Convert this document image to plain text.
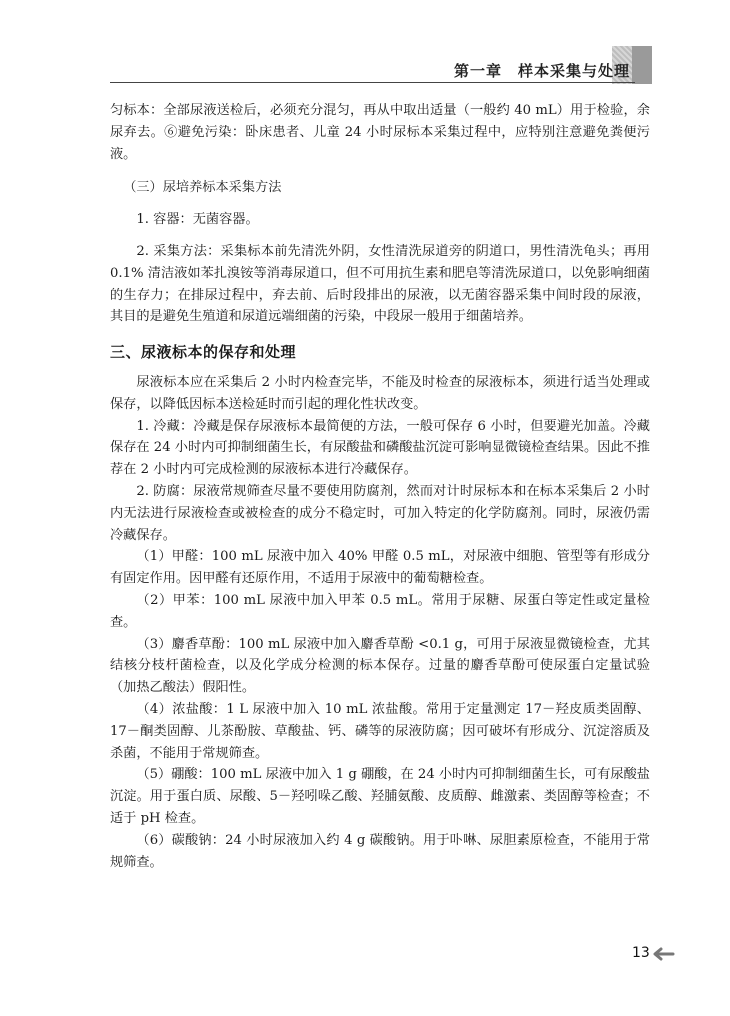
第一章　样本采集与处理

匀标本：全部尿液送检后，必须充分混匀，再从中取出适量（一般约 40 mL）用于检验，余尿弃去。⑥避免污染：卧床患者、儿童 24 小时尿标本采集过程中，应特别注意避免粪便污液。

（三）尿培养标本采集方法

1. 容器：无菌容器。

2. 采集方法：采集标本前先清洗外阴，女性清洗尿道旁的阴道口，男性清洗龟头；再用 0.1% 清洁液如苯扎溴铵等消毒尿道口，但不可用抗生素和肥皂等清洗尿道口，以免影响细菌的生存力；在排尿过程中，弃去前、后时段排出的尿液，以无菌容器采集中间时段的尿液，其目的是避免生殖道和尿道远端细菌的污染，中段尿一般用于细菌培养。

三、尿液标本的保存和处理

尿液标本应在采集后 2 小时内检查完毕，不能及时检查的尿液标本，须进行适当处理或保存，以降低因标本送检延时而引起的理化性状改变。

1. 冷藏：冷藏是保存尿液标本最简便的方法，一般可保存 6 小时，但要避光加盖。冷藏保存在 24 小时内可抑制细菌生长，有尿酸盐和磷酸盐沉淀可影响显微镜检查结果。因此不推荐在 2 小时内可完成检测的尿液标本进行冷藏保存。

2. 防腐：尿液常规筛查尽量不要使用防腐剂，然而对计时尿标本和在标本采集后 2 小时内无法进行尿液检查或被检查的成分不稳定时，可加入特定的化学防腐剂。同时，尿液仍需冷藏保存。

（1）甲醛：100 mL 尿液中加入 40% 甲醛 0.5 mL，对尿液中细胞、管型等有形成分有固定作用。因甲醛有还原作用，不适用于尿液中的葡萄糖检查。

（2）甲苯：100 mL 尿液中加入甲苯 0.5 mL。常用于尿糖、尿蛋白等定性或定量检查。

（3）麝香草酚：100 mL 尿液中加入麝香草酚 <0.1 g，可用于尿液显微镜检查，尤其结核分枝杆菌检查，以及化学成分检测的标本保存。过量的麝香草酚可使尿蛋白定量试验（加热乙酸法）假阳性。

（4）浓盐酸：1 L 尿液中加入 10 mL 浓盐酸。常用于定量测定 17－羟皮质类固醇、17－酮类固醇、儿茶酚胺、草酸盐、钙、磷等的尿液防腐；因可破坏有形成分、沉淀溶质及杀菌，不能用于常规筛查。

（5）硼酸：100 mL 尿液中加入 1 g 硼酸，在 24 小时内可抑制细菌生长，可有尿酸盐沉淀。用于蛋白质、尿酸、5－羟吲哚乙酸、羟脯氨酸、皮质醇、雌激素、类固醇等检查；不适于 pH 检查。

（6）碳酸钠：24 小时尿液加入约 4 g 碳酸钠。用于卟啉、尿胆素原检查，不能用于常规筛查。

13
